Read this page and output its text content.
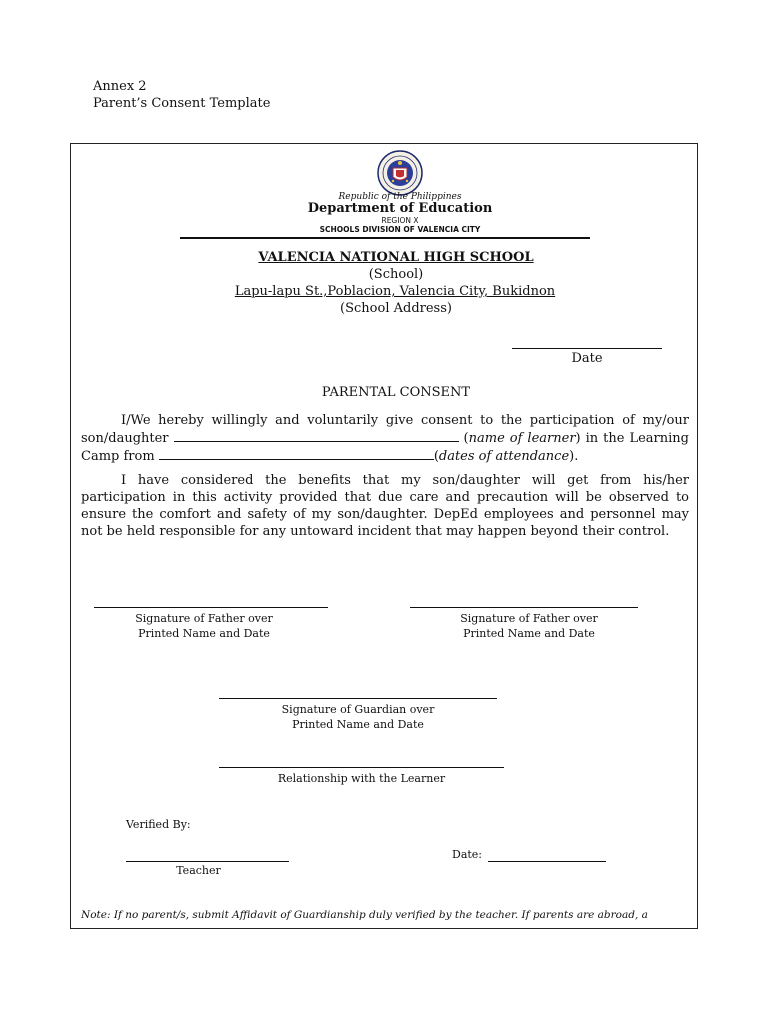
Annex 2
Parent’s Consent Template
Republic of the Philippines
Department of Education
REGION X
SCHOOLS DIVISION OF VALENCIA CITY
VALENCIA NATIONAL HIGH SCHOOL
(School)
Lapu-lapu St.,Poblacion, Valencia City, Bukidnon
(School Address)
Date
PARENTAL CONSENT
I/We hereby willingly and voluntarily give consent to the participation of my/our son/daughter	(name of learner) in the Learning Camp from	(dates of attendance).
I have considered the benefits that my son/daughter will get from his/her participation in this activity provided that due care and precaution will be observed to ensure the comfort and safety of my son/daughter. DepEd employees and personnel may not be held responsible for any untoward incident that may happen beyond their control.
Signature of Father over
Printed Name and Date
Signature of Father over
Printed Name and Date
Signature of Guardian over
Printed Name and Date
Relationship with the Learner
Verified By:
Teacher
Date:
Note: If no parent/s, submit Affidavit of Guardianship duly verified by the teacher. If parents are abroad, a
